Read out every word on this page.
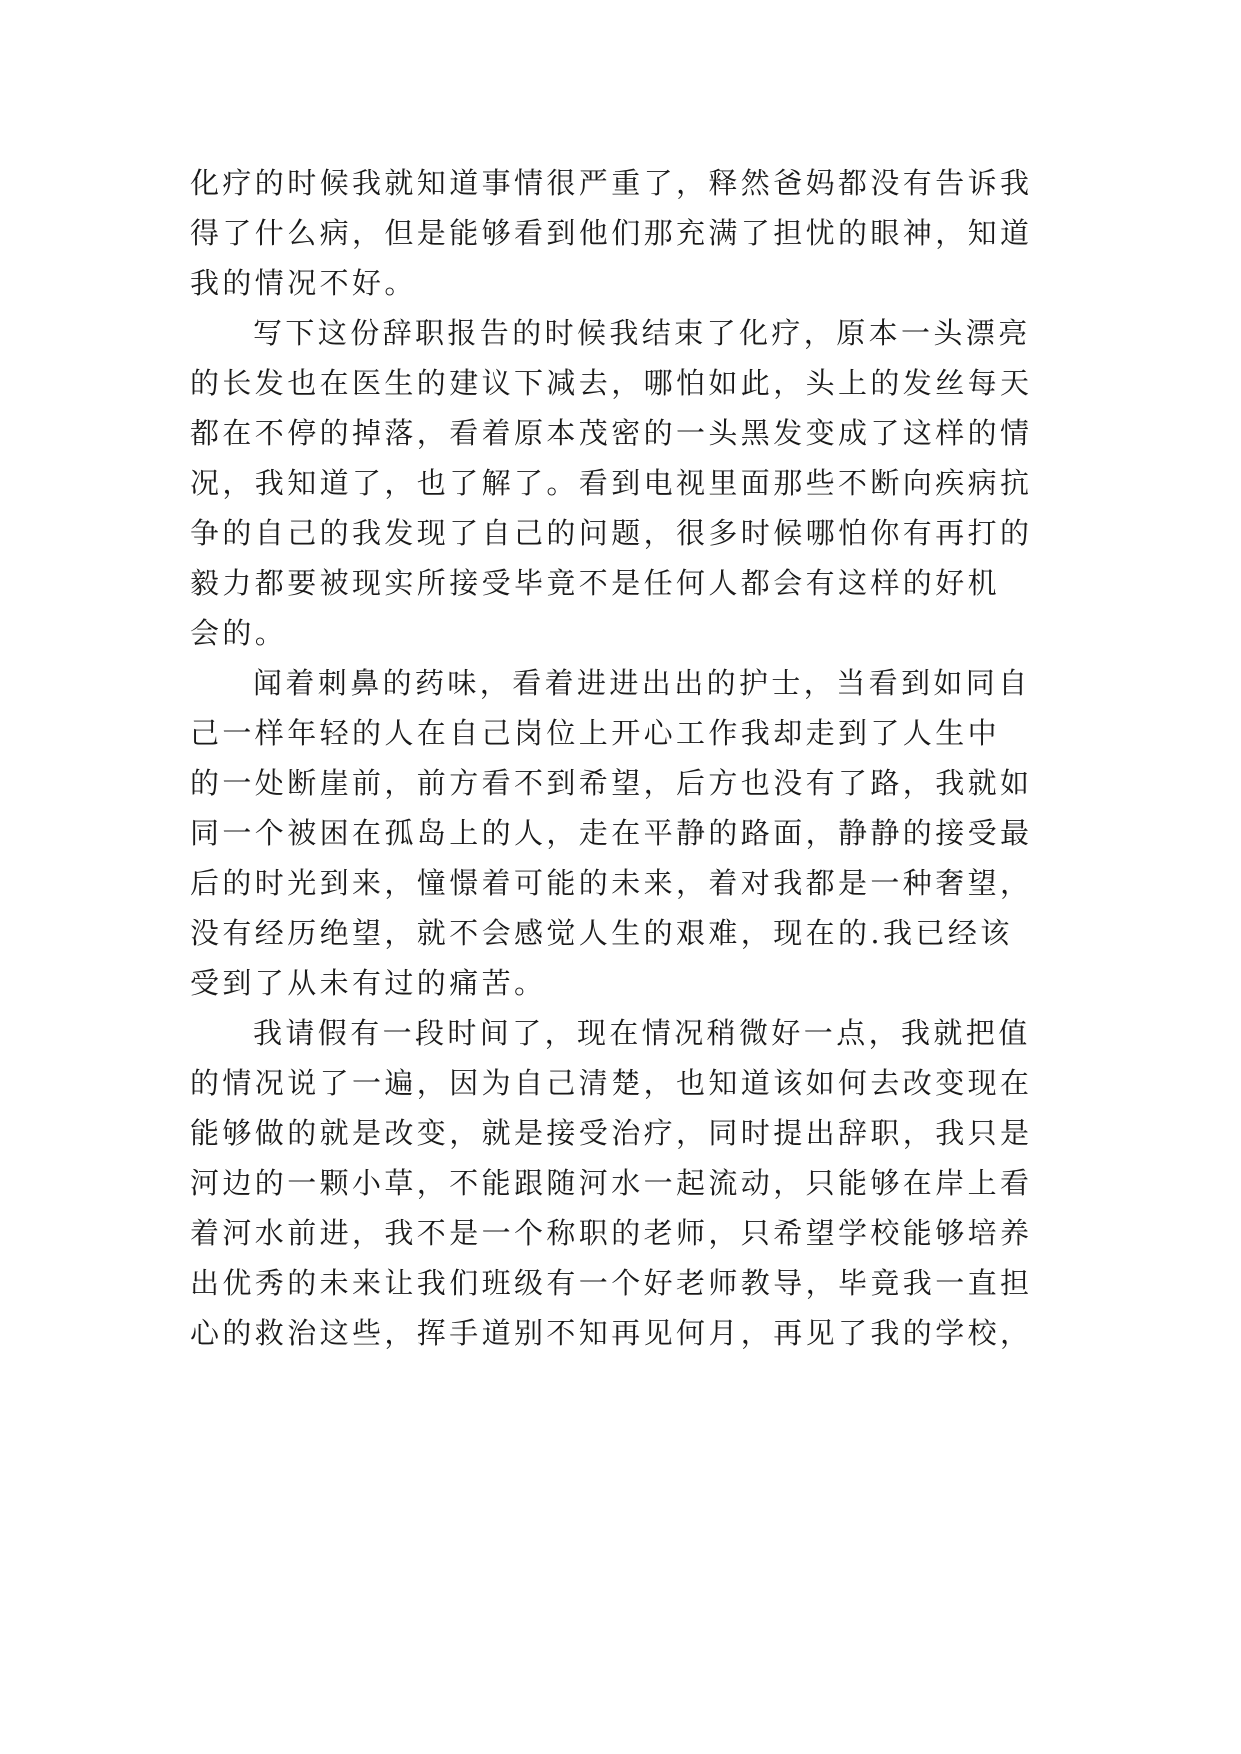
化疗的时候我就知道事情很严重了，释然爸妈都没有告诉我
得了什么病，但是能够看到他们那充满了担忧的眼神，知道
我的情况不好。
写下这份辞职报告的时候我结束了化疗，原本一头漂亮
的长发也在医生的建议下减去，哪怕如此，头上的发丝每天
都在不停的掉落，看着原本茂密的一头黑发变成了这样的情
况，我知道了，也了解了。看到电视里面那些不断向疾病抗
争的自己的我发现了自己的问题，很多时候哪怕你有再打的
毅力都要被现实所接受毕竟不是任何人都会有这样的好机
会的。
闻着刺鼻的药味，看着进进出出的护士，当看到如同自
己一样年轻的人在自己岗位上开心工作我却走到了人生中
的一处断崖前，前方看不到希望，后方也没有了路，我就如
同一个被困在孤岛上的人，走在平静的路面，静静的接受最
后的时光到来，憧憬着可能的未来，着对我都是一种奢望，
没有经历绝望，就不会感觉人生的艰难，现在的.我已经该
受到了从未有过的痛苦。
我请假有一段时间了，现在情况稍微好一点，我就把值
的情况说了一遍，因为自己清楚，也知道该如何去改变现在
能够做的就是改变，就是接受治疗，同时提出辞职，我只是
河边的一颗小草，不能跟随河水一起流动，只能够在岸上看
着河水前进，我不是一个称职的老师，只希望学校能够培养
出优秀的未来让我们班级有一个好老师教导，毕竟我一直担
心的救治这些，挥手道别不知再见何月，再见了我的学校，
